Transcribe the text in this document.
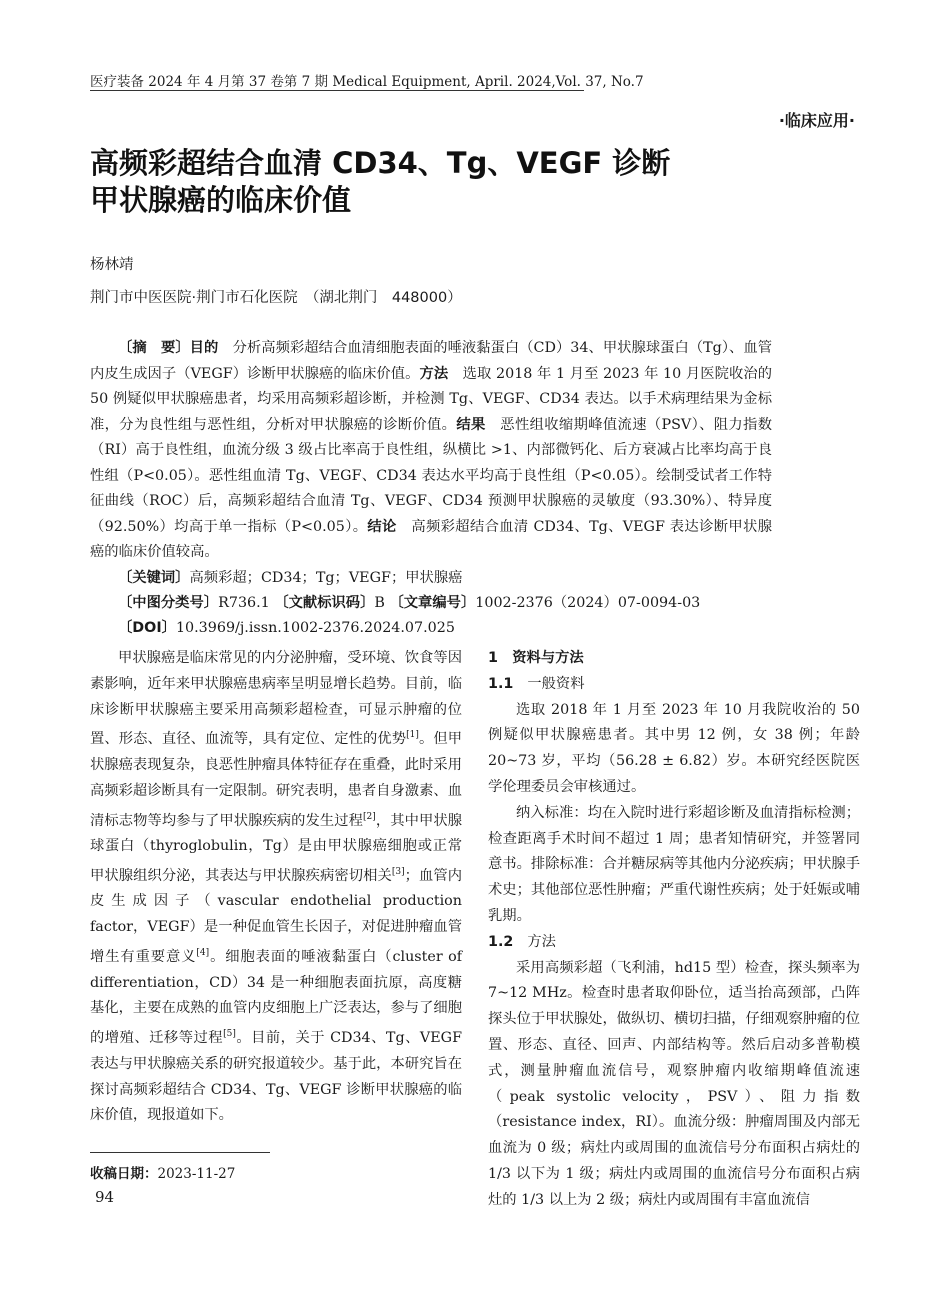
医疗装备 2024 年 4 月第 37 卷第 7 期 Medical Equipment, April. 2024,Vol. 37, No.7
·临床应用·
高频彩超结合血清 CD34、Tg、VEGF 诊断
甲状腺癌的临床价值
杨林靖
荆门市中医医院·荆门市石化医院　（湖北荆门　448000）

〔摘　要〕目的　分析高频彩超结合血清细胞表面的唾液黏蛋白（CD）34、甲状腺球蛋白（Tg）、血管内皮生成因子（VEGF）诊断甲状腺癌的临床价值。方法　选取 2018 年 1 月至 2023 年 10 月医院收治的 50 例疑似甲状腺癌患者，均采用高频彩超诊断，并检测 Tg、VEGF、CD34 表达。以手术病理结果为金标准，分为良性组与恶性组，分析对甲状腺癌的诊断价值。结果　恶性组收缩期峰值流速（PSV）、阻力指数（RI）高于良性组，血流分级 3 级占比率高于良性组，纵横比 >1、内部微钙化、后方衰减占比率均高于良性组（P<0.05）。恶性组血清 Tg、VEGF、CD34 表达水平均高于良性组（P<0.05）。绘制受试者工作特征曲线（ROC）后，高频彩超结合血清 Tg、VEGF、CD34 预测甲状腺癌的灵敏度（93.30%）、特异度（92.50%）均高于单一指标（P<0.05）。结论　高频彩超结合血清 CD34、Tg、VEGF 表达诊断甲状腺癌的临床价值较高。

〔关键词〕高频彩超；CD34；Tg；VEGF；甲状腺癌
〔中图分类号〕R736.1 〔文献标识码〕B 〔文章编号〕1002-2376（2024）07-0094-03
〔DOI〕10.3969/j.issn.1002-2376.2024.07.025

甲状腺癌是临床常见的内分泌肿瘤，受环境、饮食等因素影响，近年来甲状腺癌患病率呈明显增长趋势。目前，临床诊断甲状腺癌主要采用高频彩超检查，可显示肿瘤的位置、形态、直径、血流等，具有定位、定性的优势[1]。但甲状腺癌表现复杂，良恶性肿瘤具体特征存在重叠，此时采用高频彩超诊断具有一定限制。研究表明，患者自身激素、血清标志物等均参与了甲状腺疾病的发生过程[2]，其中甲状腺球蛋白（thyroglobulin，Tg）是由甲状腺癌细胞或正常甲状腺组织分泌，其表达与甲状腺疾病密切相关[3]；血管内皮生成因子（vascular endothelial production factor，VEGF）是一种促血管生长因子，对促进肿瘤血管增生有重要意义[4]。细胞表面的唾液黏蛋白（cluster of differentiation，CD）34 是一种细胞表面抗原，高度糖基化，主要在成熟的血管内皮细胞上广泛表达，参与了细胞的增殖、迁移等过程[5]。目前，关于 CD34、Tg、VEGF 表达与甲状腺癌关系的研究报道较少。基于此，本研究旨在探讨高频彩超结合 CD34、Tg、VEGF 诊断甲状腺癌的临床价值，现报道如下。

1　资料与方法

1.1 一般资料

选取 2018 年 1 月至 2023 年 10 月我院收治的 50 例疑似甲状腺癌患者。其中男 12 例，女 38 例；年龄 20~73 岁，平均（56.28 ± 6.82）岁。本研究经医院医学伦理委员会审核通过。

纳入标准：均在入院时进行彩超诊断及血清指标检测；检查距离手术时间不超过 1 周；患者知情研究，并签署同意书。排除标准：合并糖尿病等其他内分泌疾病；甲状腺手术史；其他部位恶性肿瘤；严重代谢性疾病；处于妊娠或哺乳期。

1.2 方法

采用高频彩超（飞利浦，hd15 型）检查，探头频率为 7~12 MHz。检查时患者取仰卧位，适当抬高颈部，凸阵探头位于甲状腺处，做纵切、横切扫描，仔细观察肿瘤的位置、形态、直径、回声、内部结构等。然后启动多普勒模式，测量肿瘤血流信号，观察肿瘤内收缩期峰值流速（peak systolic velocity，PSV）、阻力指数（resistance index，RI）。血流分级：肿瘤周围及内部无血流为 0 级；病灶内或周围的血流信号分布面积占病灶的 1/3 以下为 1 级；病灶内或周围的血流信号分布面积占病灶的 1/3 以上为 2 级；病灶内或周围有丰富血流信

收稿日期：2023-11-27
94
